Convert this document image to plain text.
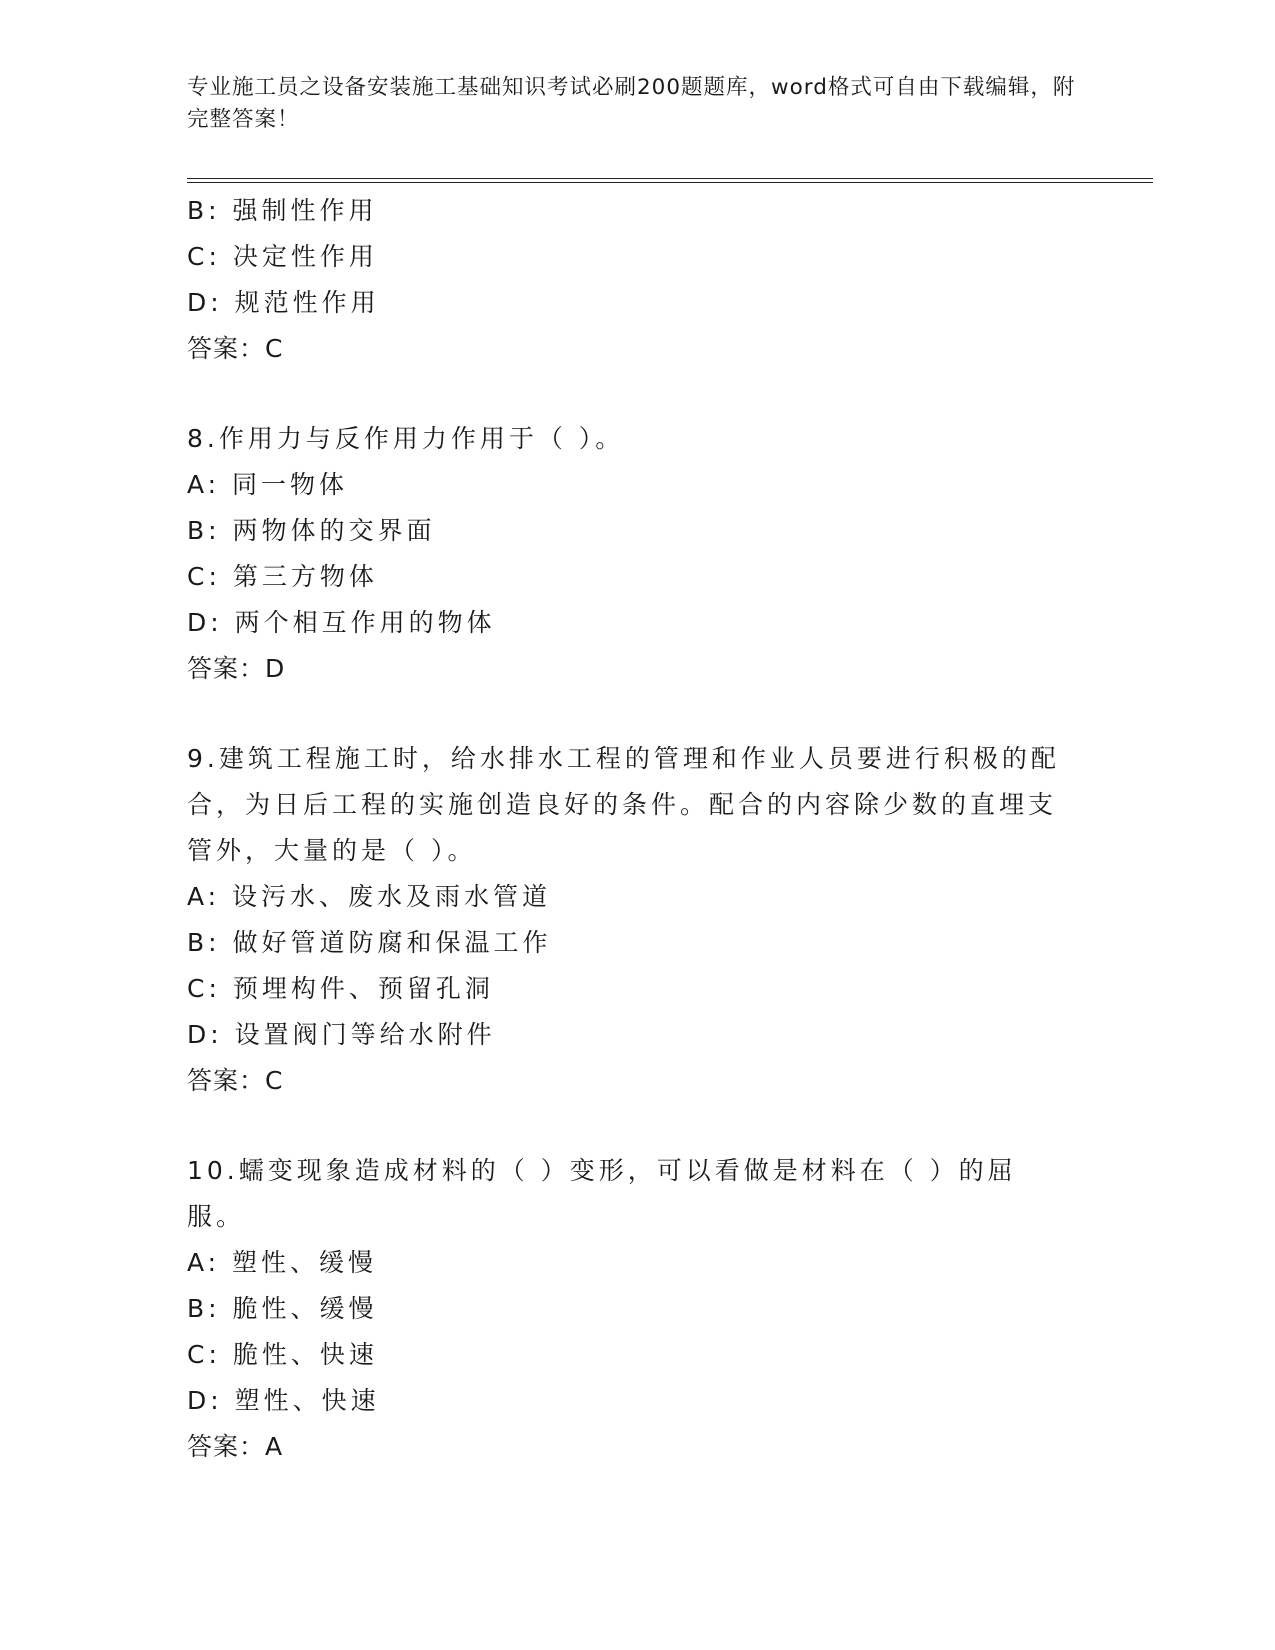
专业施工员之设备安装施工基础知识考试必刷200题题库，word格式可自由下载编辑，附完整答案！
B: 强制性作用
C: 决定性作用
D: 规范性作用
答案：C
8.作用力与反作用力作用于（ ）。
A: 同一物体
B: 两物体的交界面
C: 第三方物体
D: 两个相互作用的物体
答案：D
9.建筑工程施工时，给水排水工程的管理和作业人员要进行积极的配合，为日后工程的实施创造良好的条件。配合的内容除少数的直埋支管外，大量的是（ ）。
A: 设污水、废水及雨水管道
B: 做好管道防腐和保温工作
C: 预埋构件、预留孔洞
D: 设置阀门等给水附件
答案：C
10.蠕变现象造成材料的（ ）变形，可以看做是材料在（ ）的屈服。
A: 塑性、缓慢
B: 脆性、缓慢
C: 脆性、快速
D: 塑性、快速
答案：A
